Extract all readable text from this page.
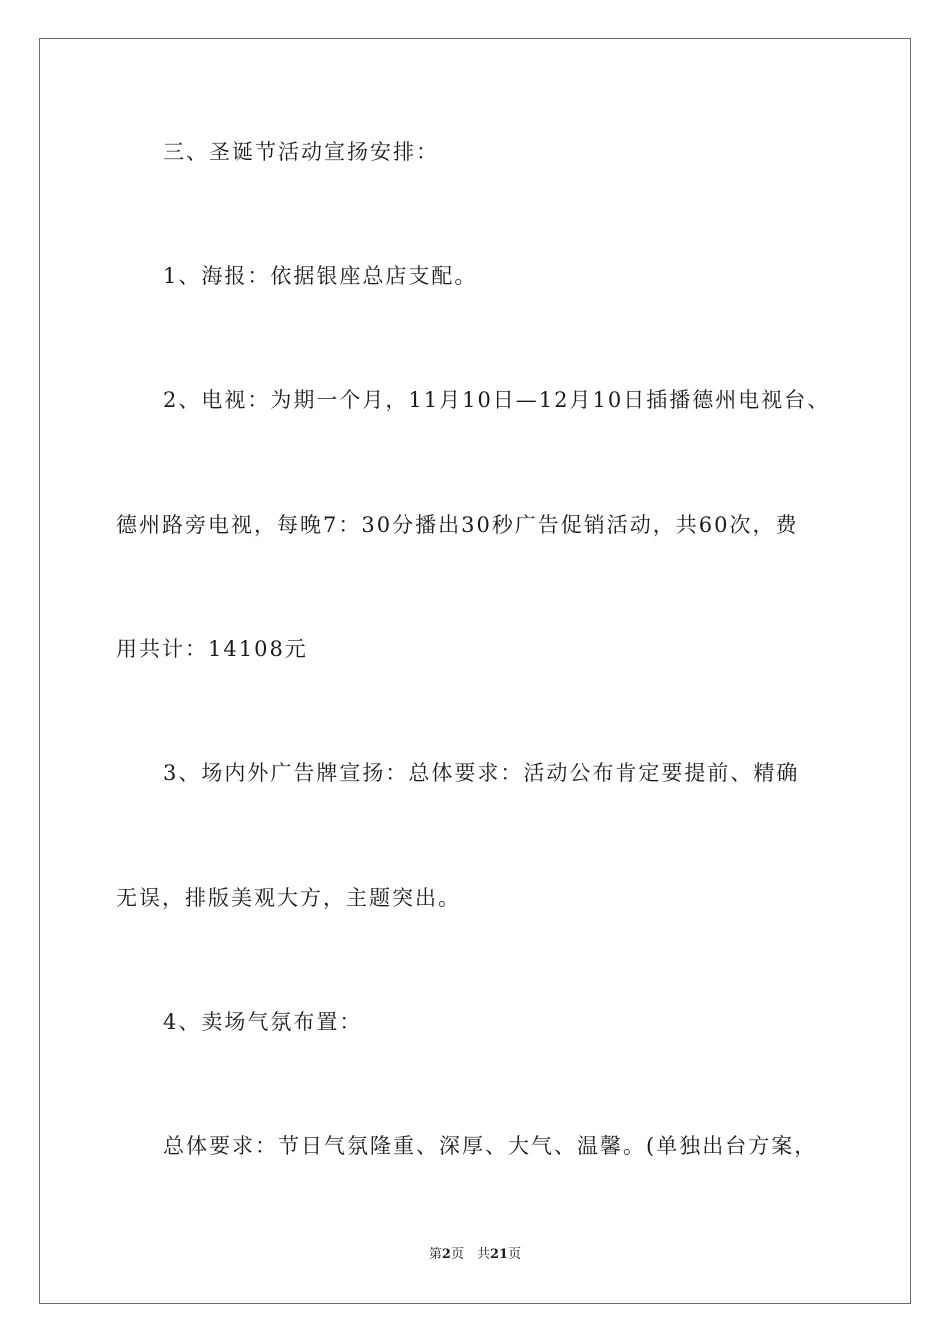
三、圣诞节活动宣扬安排：
1、海报：依据银座总店支配。
2、电视：为期一个月，11月10日—12月10日插播德州电视台、
德州路旁电视，每晚7：30分播出30秒广告促销活动，共60次，费
用共计：14108元
3、场内外广告牌宣扬：总体要求：活动公布肯定要提前、精确
无误，排版美观大方，主题突出。
4、卖场气氛布置：
总体要求：节日气氛隆重、深厚、大气、温馨。(单独出台方案，
第2页　共21页
